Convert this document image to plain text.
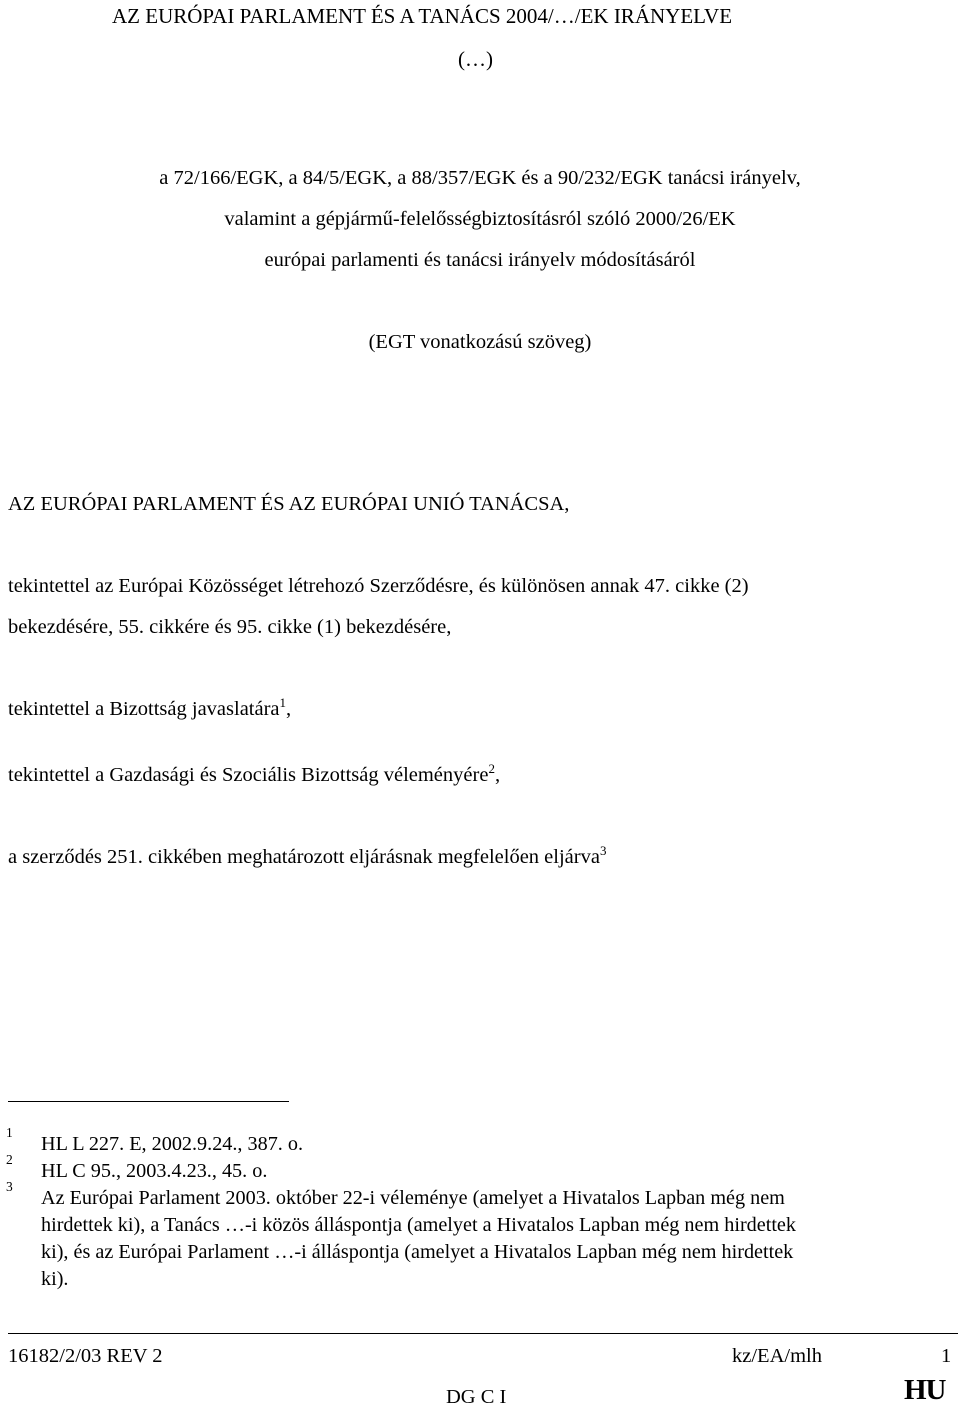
AZ EURÓPAI PARLAMENT ÉS A TANÁCS 2004/…/EK IRÁNYELVE
(…)
a 72/166/EGK, a 84/5/EGK, a 88/357/EGK és a 90/232/EGK tanácsi irányelv,
valamint a gépjármű-felelősségbiztosításról szóló 2000/26/EK
európai parlamenti és tanácsi irányelv módosításáról
(EGT vonatkozású szöveg)
AZ EURÓPAI PARLAMENT ÉS AZ EURÓPAI UNIÓ TANÁCSA,
tekintettel az Európai Közösséget létrehozó Szerződésre, és különösen annak 47. cikke (2)
bekezdésére, 55. cikkére és 95. cikke (1) bekezdésére,
tekintettel a Bizottság javaslatára$^1$,
tekintettel a Gazdasági és Szociális Bizottság véleményére$^2$,
a szerződés 251. cikkében meghatározott eljárásnak megfelelően eljárva$^3$
1
HL L 227. E, 2002.9.24., 387. o.
2
HL C 95., 2003.4.23., 45. o.
3
Az Európai Parlament 2003. október 22-i véleménye (amelyet a Hivatalos Lapban még nem
hirdettek ki), a Tanács …-i közös álláspontja (amelyet a Hivatalos Lapban még nem hirdettek
ki), és az Európai Parlament …-i álláspontja (amelyet a Hivatalos Lapban még nem hirdettek
ki).
16182/2/03 REV 2	kz/EA/mlh	1
DG C I	HU
